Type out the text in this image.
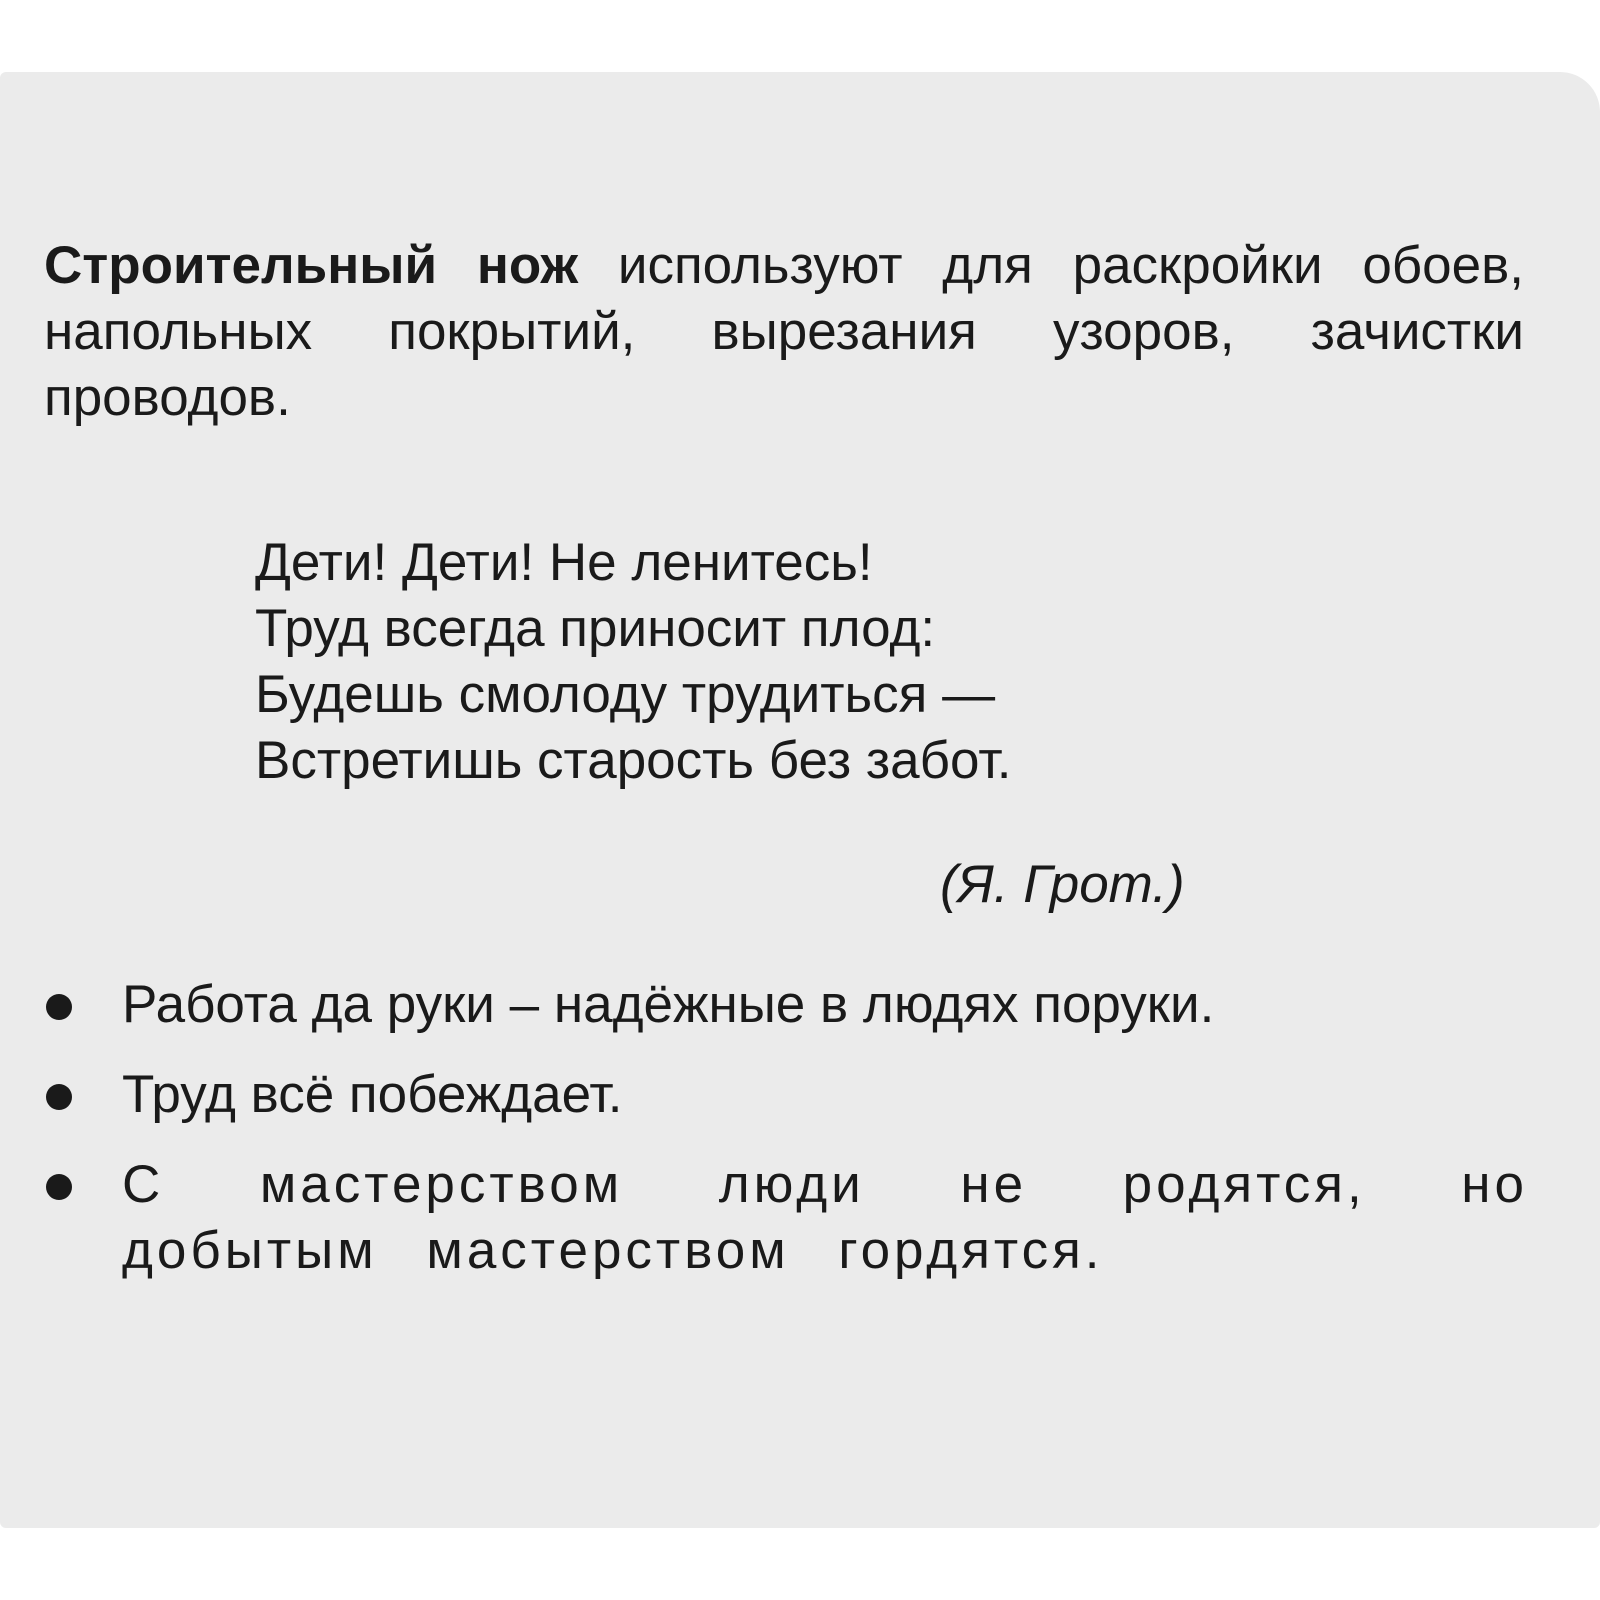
Строительный нож используют для раскройки обоев, напольных покрытий, вырезания узоров, зачистки проводов.

Дети! Дети! Не ленитесь!
Труд всегда приносит плод:
Будешь смолоду трудиться —
Встретишь старость без забот.
(Я. Грот.)
Работа да руки – надёжные в людях поруки.
Труд всё побеждает.
С мастерством люди не родятся, но добытым мастерством гордятся.
